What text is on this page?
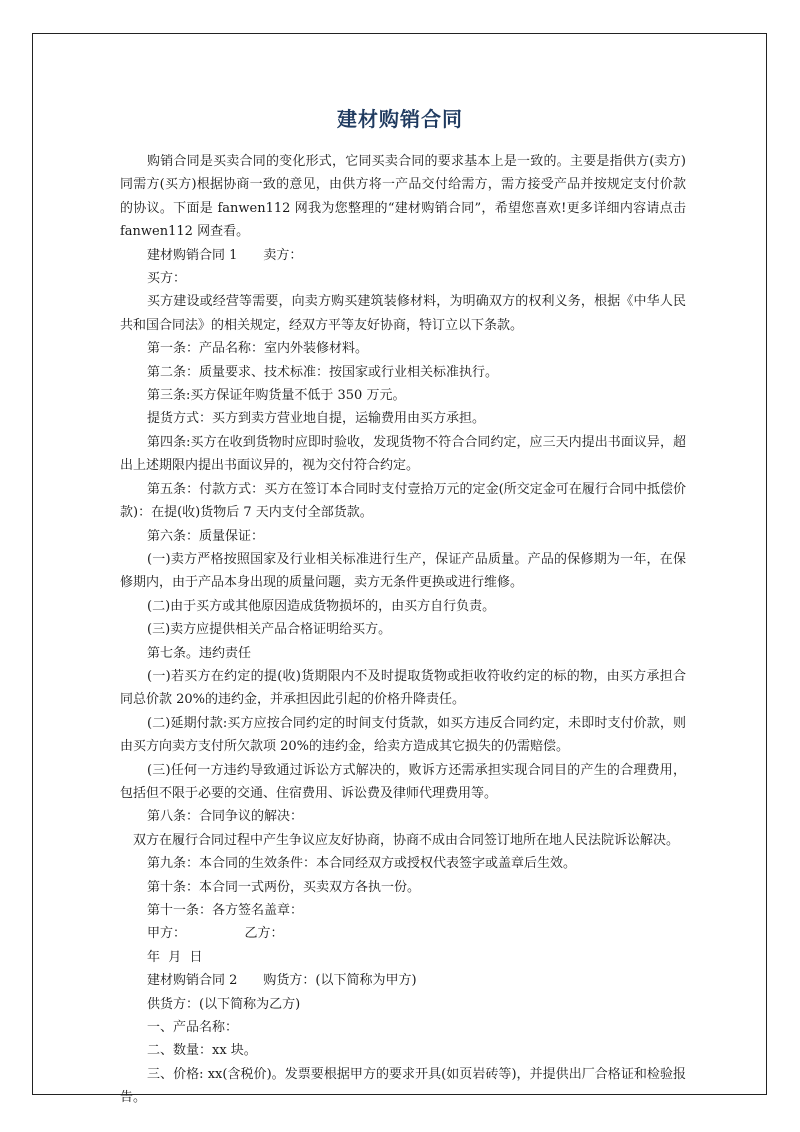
建材购销合同

购销合同是买卖合同的变化形式，它同买卖合同的要求基本上是一致的。主要是指供方(卖方)同需方(买方)根据协商一致的意见，由供方将一产品交付给需方，需方接受产品并按规定支付价款的协议。下面是 fanwen112 网我为您整理的“建材购销合同”，希望您喜欢!更多详细内容请点击 fanwen112 网查看。

建材购销合同 1　　卖方：

买方：

买方建设或经营等需要，向卖方购买建筑装修材料，为明确双方的权利义务，根据《中华人民共和国合同法》的相关规定，经双方平等友好协商，特订立以下条款。

第一条：产品名称：室内外装修材料。

第二条：质量要求、技术标准：按国家或行业相关标准执行。

第三条:买方保证年购货量不低于 350 万元。

提货方式：买方到卖方营业地自提，运输费用由买方承担。

第四条:买方在收到货物时应即时验收，发现货物不符合合同约定，应三天内提出书面议异，超出上述期限内提出书面议异的，视为交付符合约定。

第五条：付款方式：买方在签订本合同时支付壹拾万元的定金(所交定金可在履行合同中抵偿价款)：在提(收)货物后 7 天内支付全部货款。

第六条：质量保证：

(一)卖方严格按照国家及行业相关标准进行生产，保证产品质量。产品的保修期为一年，在保修期内，由于产品本身出现的质量问题，卖方无条件更换或进行维修。

(二)由于买方或其他原因造成货物损坏的，由买方自行负责。

(三)卖方应提供相关产品合格证明给买方。

第七条。违约责任

(一)若买方在约定的提(收)货期限内不及时提取货物或拒收符收约定的标的物，由买方承担合同总价款 20%的违约金，并承担因此引起的价格升降责任。

(二)延期付款:买方应按合同约定的时间支付货款，如买方违反合同约定，未即时支付价款，则由买方向卖方支付所欠款项 20%的违约金，给卖方造成其它损失的仍需赔偿。

(三)任何一方违约导致通过诉讼方式解决的，败诉方还需承担实现合同目的产生的合理费用，包括但不限于必要的交通、住宿费用、诉讼费及律师代理费用等。

第八条：合同争议的解决：

双方在履行合同过程中产生争议应友好协商，协商不成由合同签订地所在地人民法院诉讼解决。

第九条：本合同的生效条件：本合同经双方或授权代表签字或盖章后生效。

第十条：本合同一式两份，买卖双方各执一份。

第十一条：各方签名盖章：

甲方：　　　　　乙方：

年  月  日

建材购销合同 2　　购货方：(以下简称为甲方)

供货方：(以下简称为乙方)

一、产品名称：

二、数量：xx 块。

三、价格: xx(含税价)。发票要根据甲方的要求开具(如页岩砖等)，并提供出厂合格证和检验报告。
